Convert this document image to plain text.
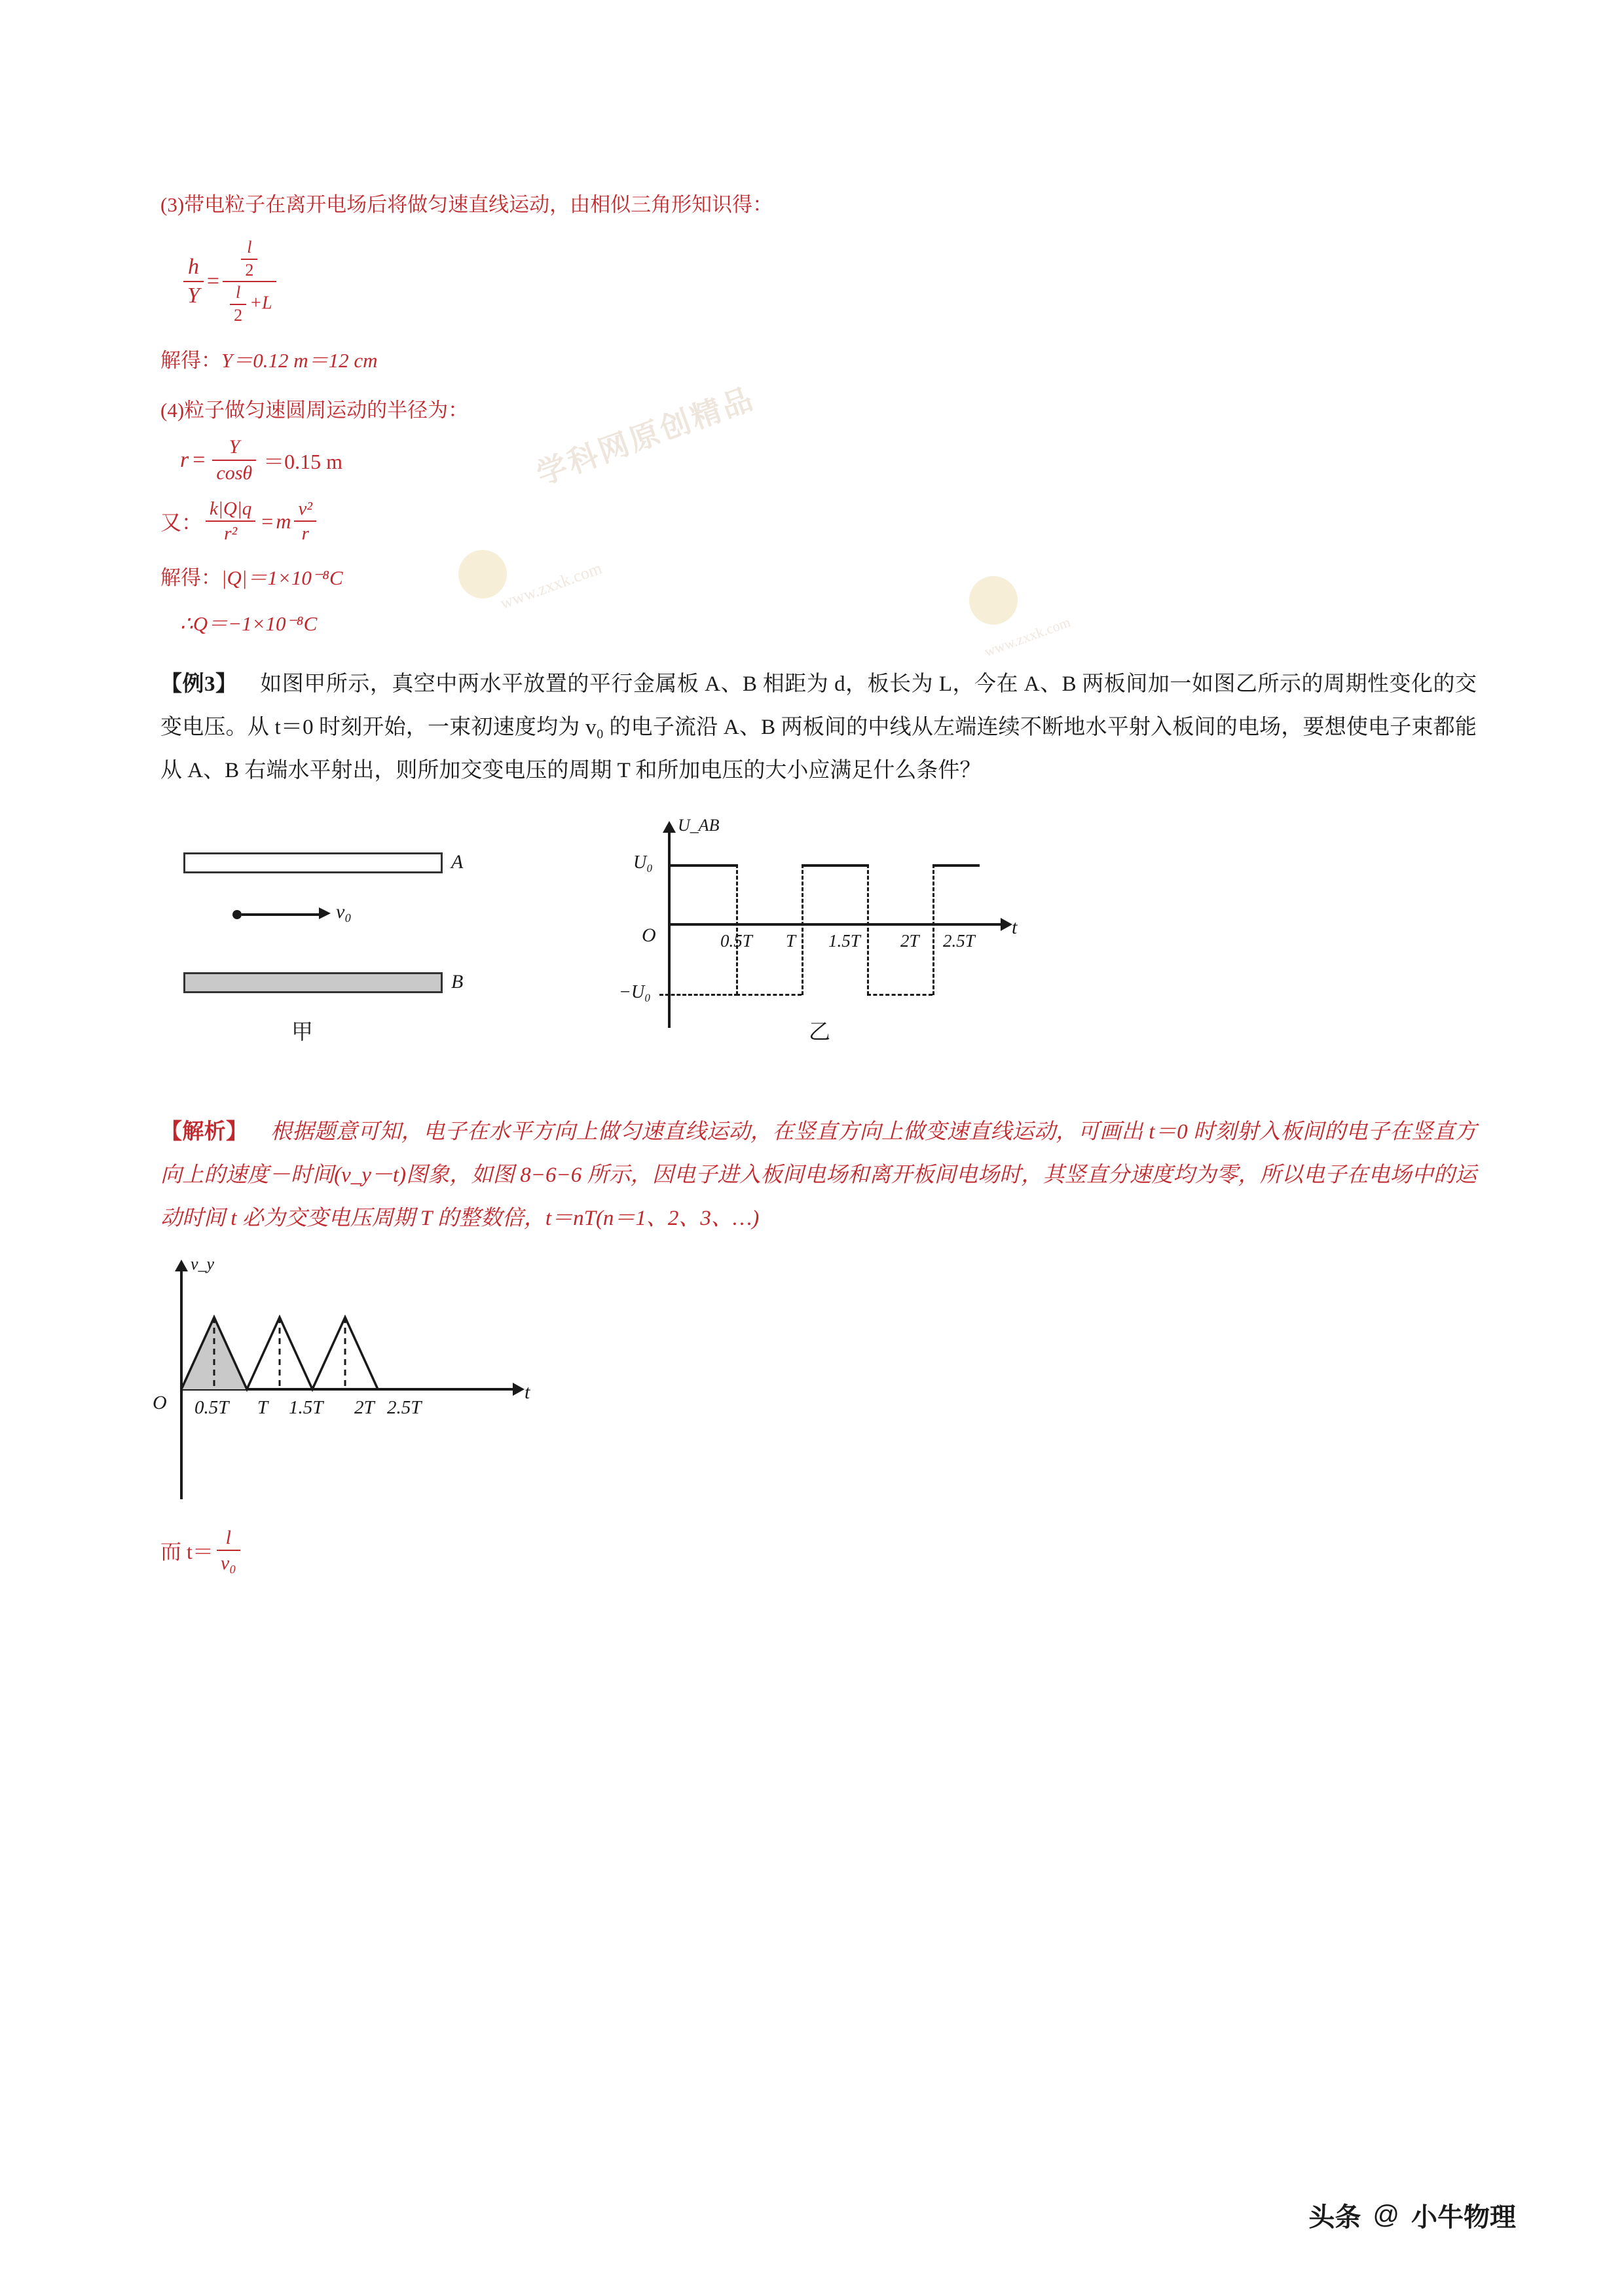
学科网原创精品
www.zxxk.com
www.zxxk.com
(3)带电粒子在离开电场后将做匀速直线运动，由相似三角形知识得：
$\frac{h}{Y} = \frac{\frac{l}{2}}{\frac{l}{2} +L}$
解得：Y＝0.12 m＝12 cm
(4)粒子做匀速圆周运动的半径为：
$r = \frac{Y}{\cos\theta} =0.15$ m
又： $\frac{k|Q|q}{\text{r²}} = m \frac{\text{v²}}{r}$
解得：|Q|＝1×10⁻⁸C
∴Q＝−1×10⁻⁸C
【例3】 如图甲所示，真空中两水平放置的平行金属板 A、B 相距为 d，板长为 L，今在 A、B 两板间加一如图乙所示的周期性变化的交变电压。从 t＝0 时刻开始，一束初速度均为 v₀ 的电子流沿 A、B 两板间的中线从左端连续不断地水平射入板间的电场，要想使电子束都能从 A、B 右端水平射出，则所加交变电压的周期 T 和所加电压的大小应满足什么条件？
A
B
v₀
甲
U_AB
t
O
U₀
−U₀
0.5T T 1.5T 2T 2.5T
乙
【解析】 根据题意可知，电子在水平方向上做匀速直线运动，在竖直方向上做变速直线运动，可画出 t＝0 时刻射入板间的电子在竖直方向上的速度－时间(v_y－t)图象，如图 8−6−6 所示，因电子进入板间电场和离开板间电场时，其竖直分速度均为零，所以电子在电场中的运动时间 t 必为交变电压周期 T 的整数倍，t＝nT(n＝1、2、3、…)
v_y
t
O 0.5T T 1.5T 2T 2.5T
而 $t= \frac{l}{\text{v₀}}$
头条 @ 小牛物理
